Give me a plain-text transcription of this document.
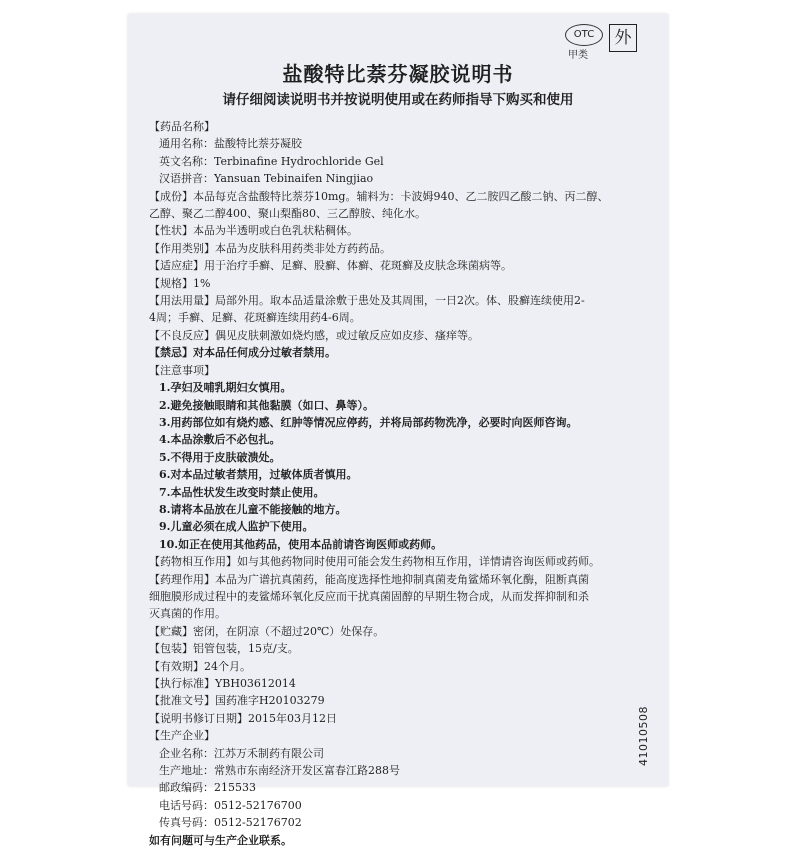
OTC
甲类
外
盐酸特比萘芬凝胶说明书
请仔细阅读说明书并按说明使用或在药师指导下购买和使用
【药品名称】
通用名称：盐酸特比萘芬凝胶
英文名称：Terbinafine Hydrochloride Gel
汉语拼音：Yansuan Tebinaifen Ningjiao
【成份】本品每克含盐酸特比萘芬10mg。辅料为：卡波姆940、乙二胺四乙酸二钠、丙二醇、
乙醇、聚乙二醇400、聚山梨酯80、三乙醇胺、纯化水。
【性状】本品为半透明或白色乳状粘稠体。
【作用类别】本品为皮肤科用药类非处方药药品。
【适应症】用于治疗手癣、足癣、股癣、体癣、花斑癣及皮肤念珠菌病等。
【规格】1%
【用法用量】局部外用。取本品适量涂敷于患处及其周围，一日2次。体、股癣连续使用2-
4周；手癣、足癣、花斑癣连续用药4-6周。
【不良反应】偶见皮肤刺激如烧灼感，或过敏反应如皮疹、瘙痒等。
【禁忌】对本品任何成分过敏者禁用。
【注意事项】
1.孕妇及哺乳期妇女慎用。
2.避免接触眼睛和其他黏膜（如口、鼻等）。
3.用药部位如有烧灼感、红肿等情况应停药，并将局部药物洗净，必要时向医师咨询。
4.本品涂敷后不必包扎。
5.不得用于皮肤破溃处。
6.对本品过敏者禁用，过敏体质者慎用。
7.本品性状发生改变时禁止使用。
8.请将本品放在儿童不能接触的地方。
9.儿童必须在成人监护下使用。
10.如正在使用其他药品，使用本品前请咨询医师或药师。
【药物相互作用】如与其他药物同时使用可能会发生药物相互作用，详情请咨询医师或药师。
【药理作用】本品为广谱抗真菌药，能高度选择性地抑制真菌麦角鲨烯环氧化酶，阻断真菌
细胞膜形成过程中的麦鲨烯环氧化反应而干扰真菌固醇的早期生物合成，从而发挥抑制和杀
灭真菌的作用。
【贮藏】密闭，在阴凉（不超过20℃）处保存。
【包装】铝管包装，15克/支。
【有效期】24个月。
【执行标准】YBH03612014
【批准文号】国药准字H20103279
【说明书修订日期】2015年03月12日
【生产企业】
企业名称：江苏万禾制药有限公司
生产地址：常熟市东南经济开发区富春江路288号
邮政编码：215533
电话号码：0512-52176700
传真号码：0512-52176702
如有问题可与生产企业联系。
41010508
